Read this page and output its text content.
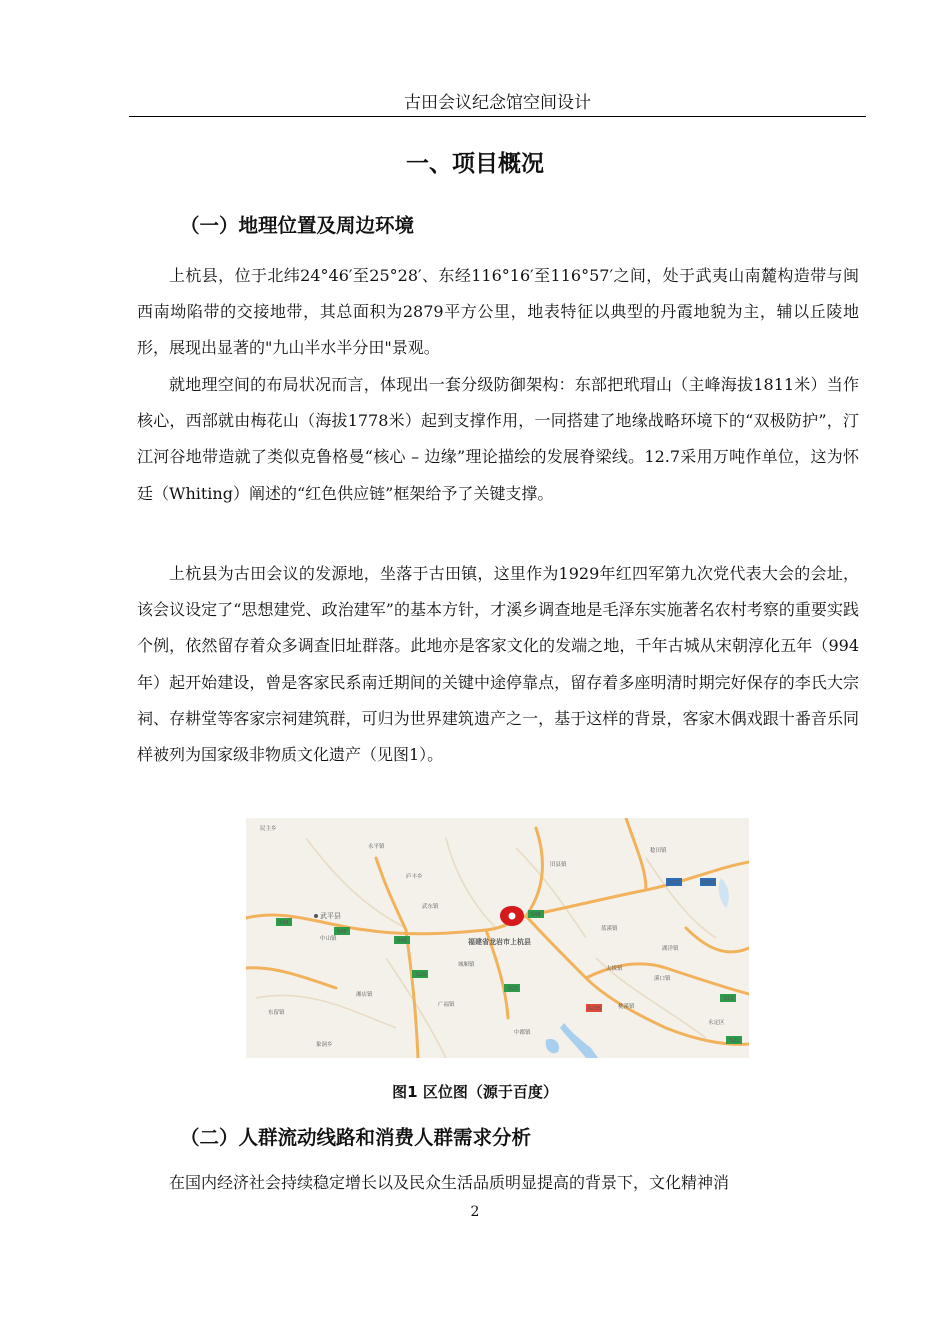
古田会议纪念馆空间设计
一、项目概况
（一）地理位置及周边环境

上杭县，位于北纬24°46′至25°28′、东经116°16′至116°57′之间，处于武夷山南麓构造带与闽西南坳陷带的交接地带，其总面积为2879平方公里，地表特征以典型的丹霞地貌为主，辅以丘陵地形，展现出显著的"九山半水半分田"景观。

就地理空间的布局状况而言，体现出一套分级防御架构：东部把玳瑁山（主峰海拔1811米）当作核心，西部就由梅花山（海拔1778米）起到支撑作用，一同搭建了地缘战略环境下的“双极防护”，汀江河谷地带造就了类似克鲁格曼“核心 – 边缘”理论描绘的发展脊梁线。12.7采用万吨作单位，这为怀廷（Whiting）阐述的“红色供应链”框架给予了关键支撑。

上杭县为古田会议的发源地，坐落于古田镇，这里作为1929年红四军第九次党代表大会的会址，该会议设定了“思想建党、政治建军”的基本方针，才溪乡调查地是毛泽东实施著名农村考察的重要实践个例，依然留存着众多调查旧址群落。此地亦是客家文化的发端之地，千年古城从宋朝淳化五年（994年）起开始建设，曾是客家民系南迁期间的关键中途停靠点，留存着多座明清时期完好保存的李氏大宗祠、存耕堂等客家宗祠建筑群，可归为世界建筑遗产之一，基于这样的背景，客家木偶戏跟十番音乐同样被列为国家级非物质文化遗产（见图1）。

S48
S48
S48
G25
G25
G235
G72	G205
S21
S21
S48
民主乡
永平镇
中山镇
武东镇
庐丰乡
太拔镇
蓝溪镇
中都镇
广福镇
湘店镇
东留镇
象洞乡
桃溪镇
城厢镇
溪口镇
旧县镇
稔田镇
永定区
湖洋镇
武平县
福建省龙岩市上杭县
图1 区位图（源于百度）
（二）人群流动线路和消费人群需求分析

在国内经济社会持续稳定增长以及民众生活品质明显提高的背景下，文化精神消

2
